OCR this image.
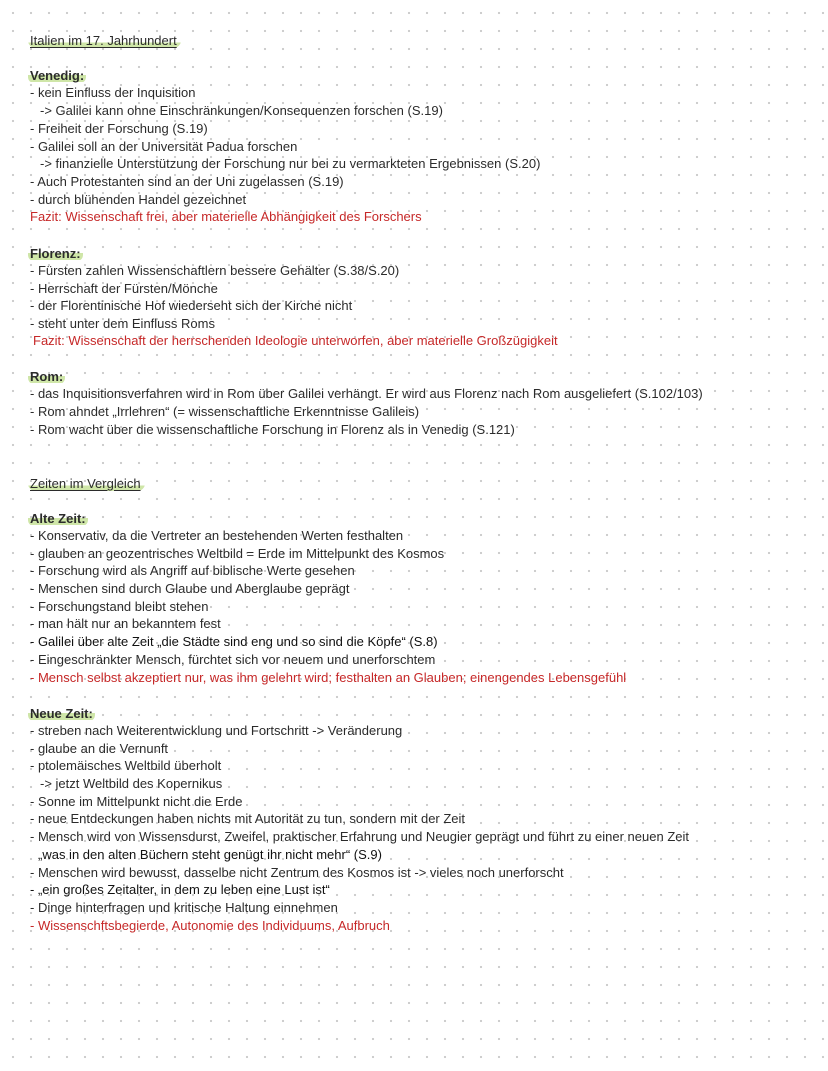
Italien im 17. Jahrhundert
Venedig:
- kein Einfluss der Inquisition
-> Galilei kann ohne Einschränkungen/Konsequenzen forschen (S.19)
- Freiheit der Forschung (S.19)
- Galilei soll an der Universität Padua forschen
-> finanzielle Unterstützung der Forschung nur bei zu vermarkteten Ergebnissen (S.20)
- Auch Protestanten sind an der Uni zugelassen (S.19)
- durch blühenden Handel gezeichnet
Fazit: Wissenschaft frei, aber materielle Abhängigkeit des Forschers
Florenz:
- Fürsten zahlen Wissenschaftlern bessere Gehälter (S.38/S.20)
- Herrschaft der Fürsten/Mönche
- der Florentinische Hof wiederseht sich der Kirche nicht
- steht unter dem Einfluss Roms
Fazit: Wissenschaft der herrschenden Ideologie unterworfen, aber materielle Großzügigkeit
Rom:
- das Inquisitionsverfahren wird in Rom über Galilei verhängt. Er wird aus Florenz nach Rom ausgeliefert (S.102/103)
- Rom ahndet „Irrlehren“ (= wissenschaftliche Erkenntnisse Galileis)
- Rom wacht über die wissenschaftliche Forschung in Florenz als in Venedig (S.121)
Zeiten im Vergleich
Alte Zeit:
- Konservativ, da die Vertreter an bestehenden Werten festhalten
- glauben an geozentrisches Weltbild = Erde im Mittelpunkt des Kosmos
- Forschung wird als Angriff auf biblische Werte gesehen
- Menschen sind durch Glaube und Aberglaube geprägt
- Forschungstand bleibt stehen
- man hält nur an bekanntem fest
- Galilei über alte Zeit „die Städte sind eng und so sind die Köpfe“ (S.8)
- Eingeschränkter Mensch, fürchtet sich vor neuem und unerforschtem
- Mensch selbst akzeptiert nur, was ihm gelehrt wird; festhalten an Glauben; einengendes Lebensgefühl
Neue Zeit:
- streben nach Weiterentwicklung und Fortschritt -> Veränderung
- glaube an die Vernunft
- ptolemäisches Weltbild überholt
-> jetzt Weltbild des Kopernikus
- Sonne im Mittelpunkt nicht die Erde
- neue Entdeckungen haben nichts mit Autorität zu tun, sondern mit der Zeit
- Mensch wird von Wissensdurst, Zweifel, praktischer Erfahrung und Neugier geprägt und führt zu einer neuen Zeit
„was in den alten Büchern steht genügt ihr nicht mehr“ (S.9)
- Menschen wird bewusst, dasselbe nicht Zentrum des Kosmos ist -> vieles noch unerforscht
- „ein großes Zeitalter, in dem zu leben eine Lust ist“
- Dinge hinterfragen und kritische Haltung einnehmen
- Wissenschftsbegierde, Autonomie des Individuums, Aufbruch
